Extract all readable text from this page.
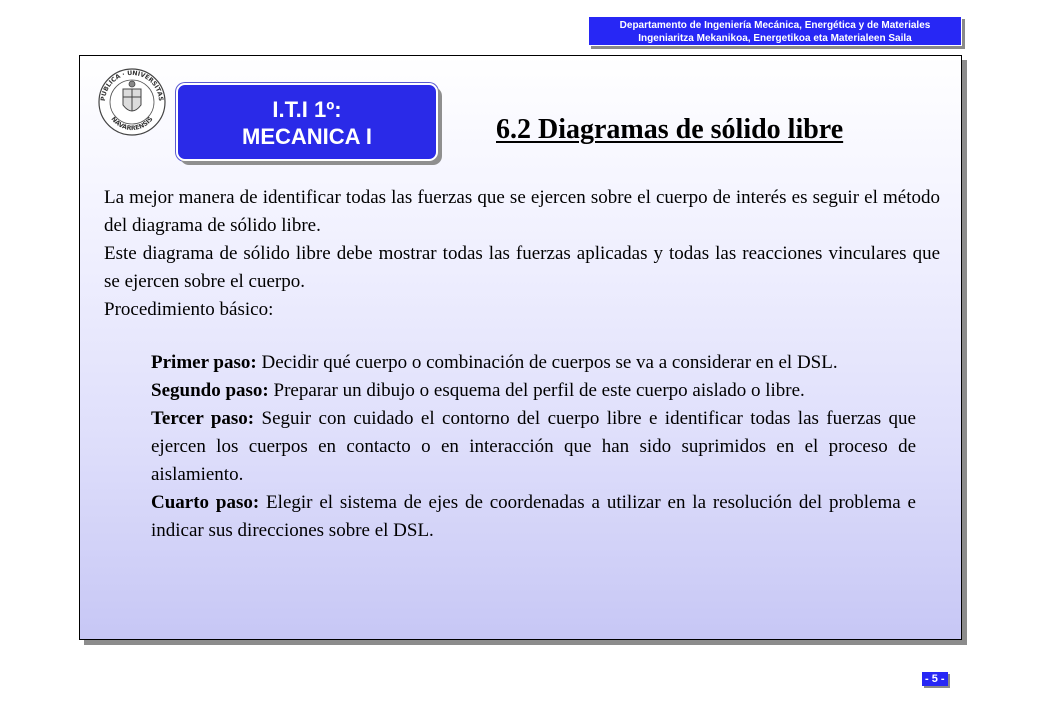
Departamento de Ingeniería Mecánica, Energética y de Materiales
Ingeniaritza Mekanikoa, Energetikoa eta Materialeen Saila
PUBLICA · UNIVERSITAS
NAVARRENSIS	I.T.I 1º:
MECANICA I	6.2 Diagramas de sólido libre

La mejor manera de identificar todas las fuerzas que se ejercen sobre el cuerpo de interés es seguir el método del diagrama de sólido libre.

Este diagrama de sólido libre debe mostrar todas las fuerzas aplicadas y todas las reacciones vinculares que se ejercen sobre el cuerpo.

Procedimiento básico:

Primer paso: Decidir qué cuerpo o combinación de cuerpos se va a considerar en el DSL.

Segundo paso: Preparar un dibujo o esquema del perfil de este cuerpo aislado o libre.

Tercer paso: Seguir con cuidado el contorno del cuerpo libre e identificar todas las fuerzas que ejercen los cuerpos en contacto o en interacción que han sido suprimidos en el proceso de aislamiento.

Cuarto paso: Elegir el sistema de ejes de coordenadas a utilizar en la resolución del problema e indicar sus direcciones sobre el DSL.

- 5 -
